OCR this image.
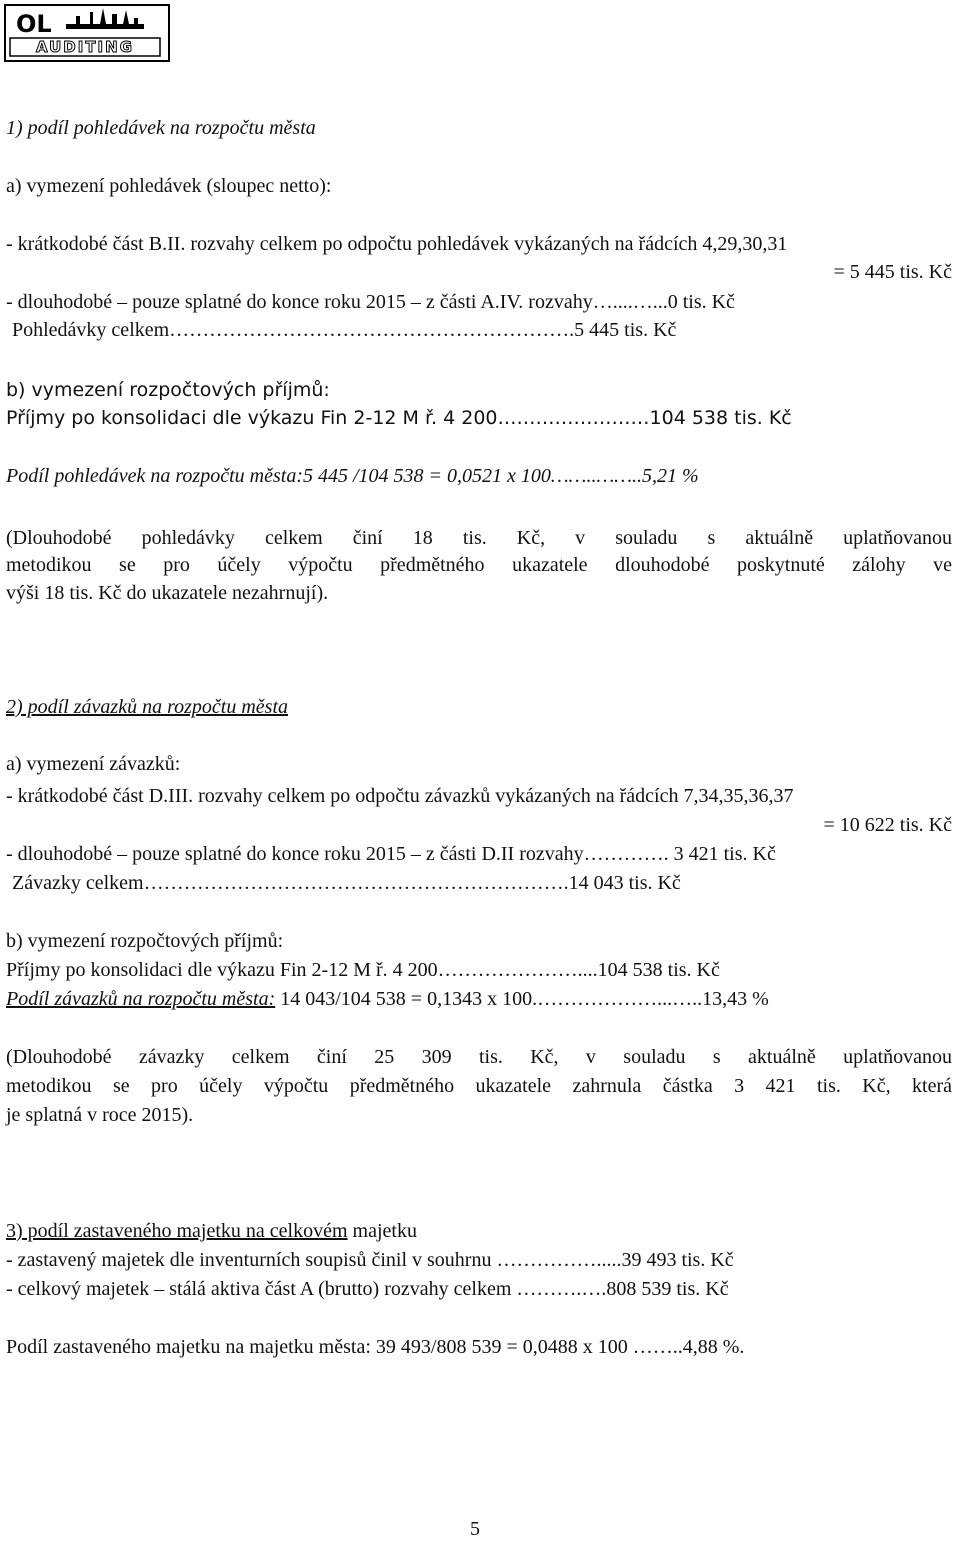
OL
AUDITING
1) podíl pohledávek na rozpočtu města
a) vymezení pohledávek (sloupec netto):
- krátkodobé část B.II. rozvahy celkem po odpočtu pohledávek vykázaných na řádcích 4,29,30,31
= 5 445 tis. Kč
- dlouhodobé – pouze splatné do konce roku 2015 – z části A.IV. rozvahy…....…...0 tis. Kč
Pohledávky celkem…………………………………………………….5 445 tis. Kč
b) vymezení rozpočtových příjmů:
Příjmy po konsolidaci dle výkazu Fin 2-12 M ř. 4 200……………………104 538 tis. Kč
Podíl pohledávek na rozpočtu města:5 445 /104 538 = 0,0521 x 100……..……..5,21 %
(Dlouhodobé pohledávky celkem činí 18 tis. Kč, v souladu s aktuálně uplatňovanou
metodikou se pro účely výpočtu předmětného ukazatele dlouhodobé poskytnuté zálohy ve
výši 18 tis. Kč do ukazatele nezahrnují).
2) podíl závazků na rozpočtu města
a) vymezení závazků:
- krátkodobé část D.III. rozvahy celkem po odpočtu závazků vykázaných na řádcích 7,34,35,36,37
= 10 622 tis. Kč
- dlouhodobé – pouze splatné do konce roku 2015 – z části D.II rozvahy…………. 3 421 tis. Kč
Závazky celkem……………………………………………………….14 043 tis. Kč
b) vymezení rozpočtových příjmů:
Příjmy po konsolidaci dle výkazu Fin 2-12 M ř. 4 200…………………....104 538 tis. Kč
Podíl závazků na rozpočtu města: 14 043/104 538 = 0,1343 x 100.………………...…..13,43 %
(Dlouhodobé závazky celkem činí 25 309 tis. Kč, v souladu s aktuálně uplatňovanou
metodikou se pro účely výpočtu předmětného ukazatele zahrnula částka 3 421 tis. Kč, která
je splatná v roce 2015).
3) podíl zastaveného majetku na celkovém majetku
- zastavený majetek dle inventurních soupisů činil v souhrnu …………….....39 493 tis. Kč
- celkový majetek – stálá aktiva část A (brutto) rozvahy celkem ……….….808 539 tis. Kč
Podíl zastaveného majetku na majetku města: 39 493/808 539 = 0,0488 x 100 ……..4,88 %.
5
